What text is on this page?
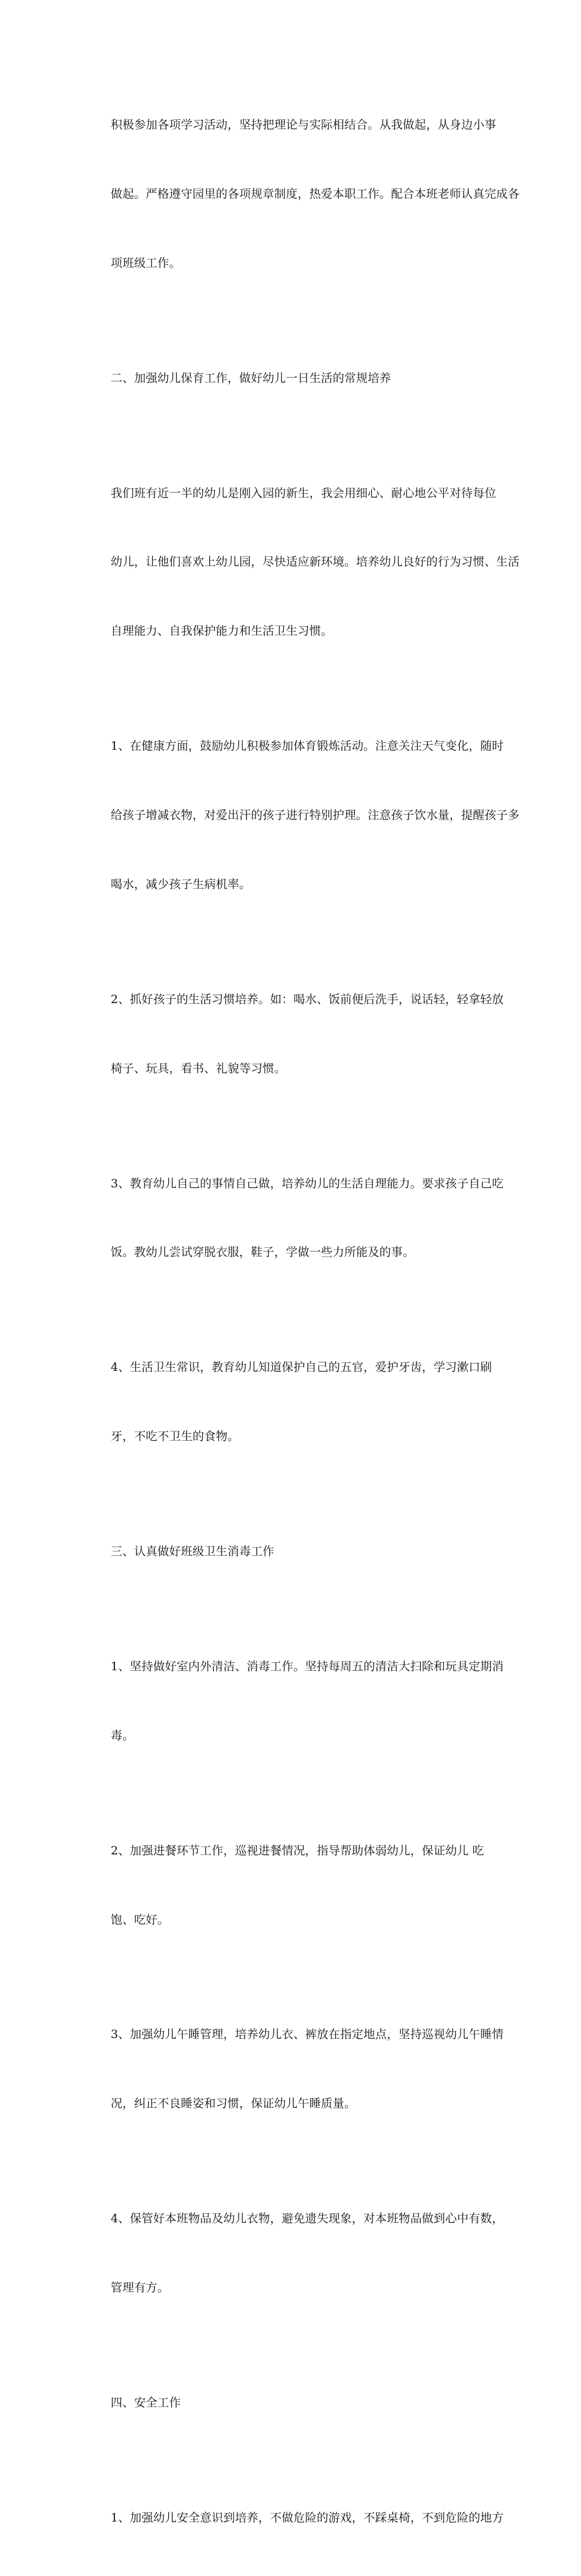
积极参加各项学习活动，坚持把理论与实际相结合。从我做起，从身边小事

做起。严格遵守园里的各项规章制度，热爱本职工作。配合本班老师认真完成各

项班级工作。

二、加强幼儿保育工作，做好幼儿一日生活的常规培养

我们班有近一半的幼儿是刚入园的新生，我会用细心、耐心地公平对待每位

幼儿，让他们喜欢上幼儿园，尽快适应新环境。培养幼儿良好的行为习惯、生活

自理能力、自我保护能力和生活卫生习惯。

1、在健康方面，鼓励幼儿积极参加体育锻炼活动。注意关注天气变化，随时

给孩子增减衣物，对爱出汗的孩子进行特别护理。注意孩子饮水量，提醒孩子多

喝水，减少孩子生病机率。

2、抓好孩子的生活习惯培养。如：喝水、饭前便后洗手，说话轻，轻拿轻放

椅子、玩具，看书、礼貌等习惯。

3、教育幼儿自己的事情自己做，培养幼儿的生活自理能力。要求孩子自己吃

饭。教幼儿尝试穿脱衣服，鞋子，学做一些力所能及的事。

4、生活卫生常识，教育幼儿知道保护自己的五官，爱护牙齿，学习漱口刷

牙，不吃不卫生的食物。

三、认真做好班级卫生消毒工作

1、坚持做好室内外清洁、消毒工作。坚持每周五的清洁大扫除和玩具定期消

毒。

2、加强进餐环节工作，巡视进餐情况，指导帮助体弱幼儿，保证幼儿 吃

饱、吃好。

3、加强幼儿午睡管理，培养幼儿衣、裤放在指定地点，坚持巡视幼儿午睡情

况，纠正不良睡姿和习惯，保证幼儿午睡质量。

4、保管好本班物品及幼儿衣物，避免遗失现象，对本班物品做到心中有数，

管理有方。

四、安全工作

1、加强幼儿安全意识到培养，不做危险的游戏，不踩桌椅，不到危险的地方
